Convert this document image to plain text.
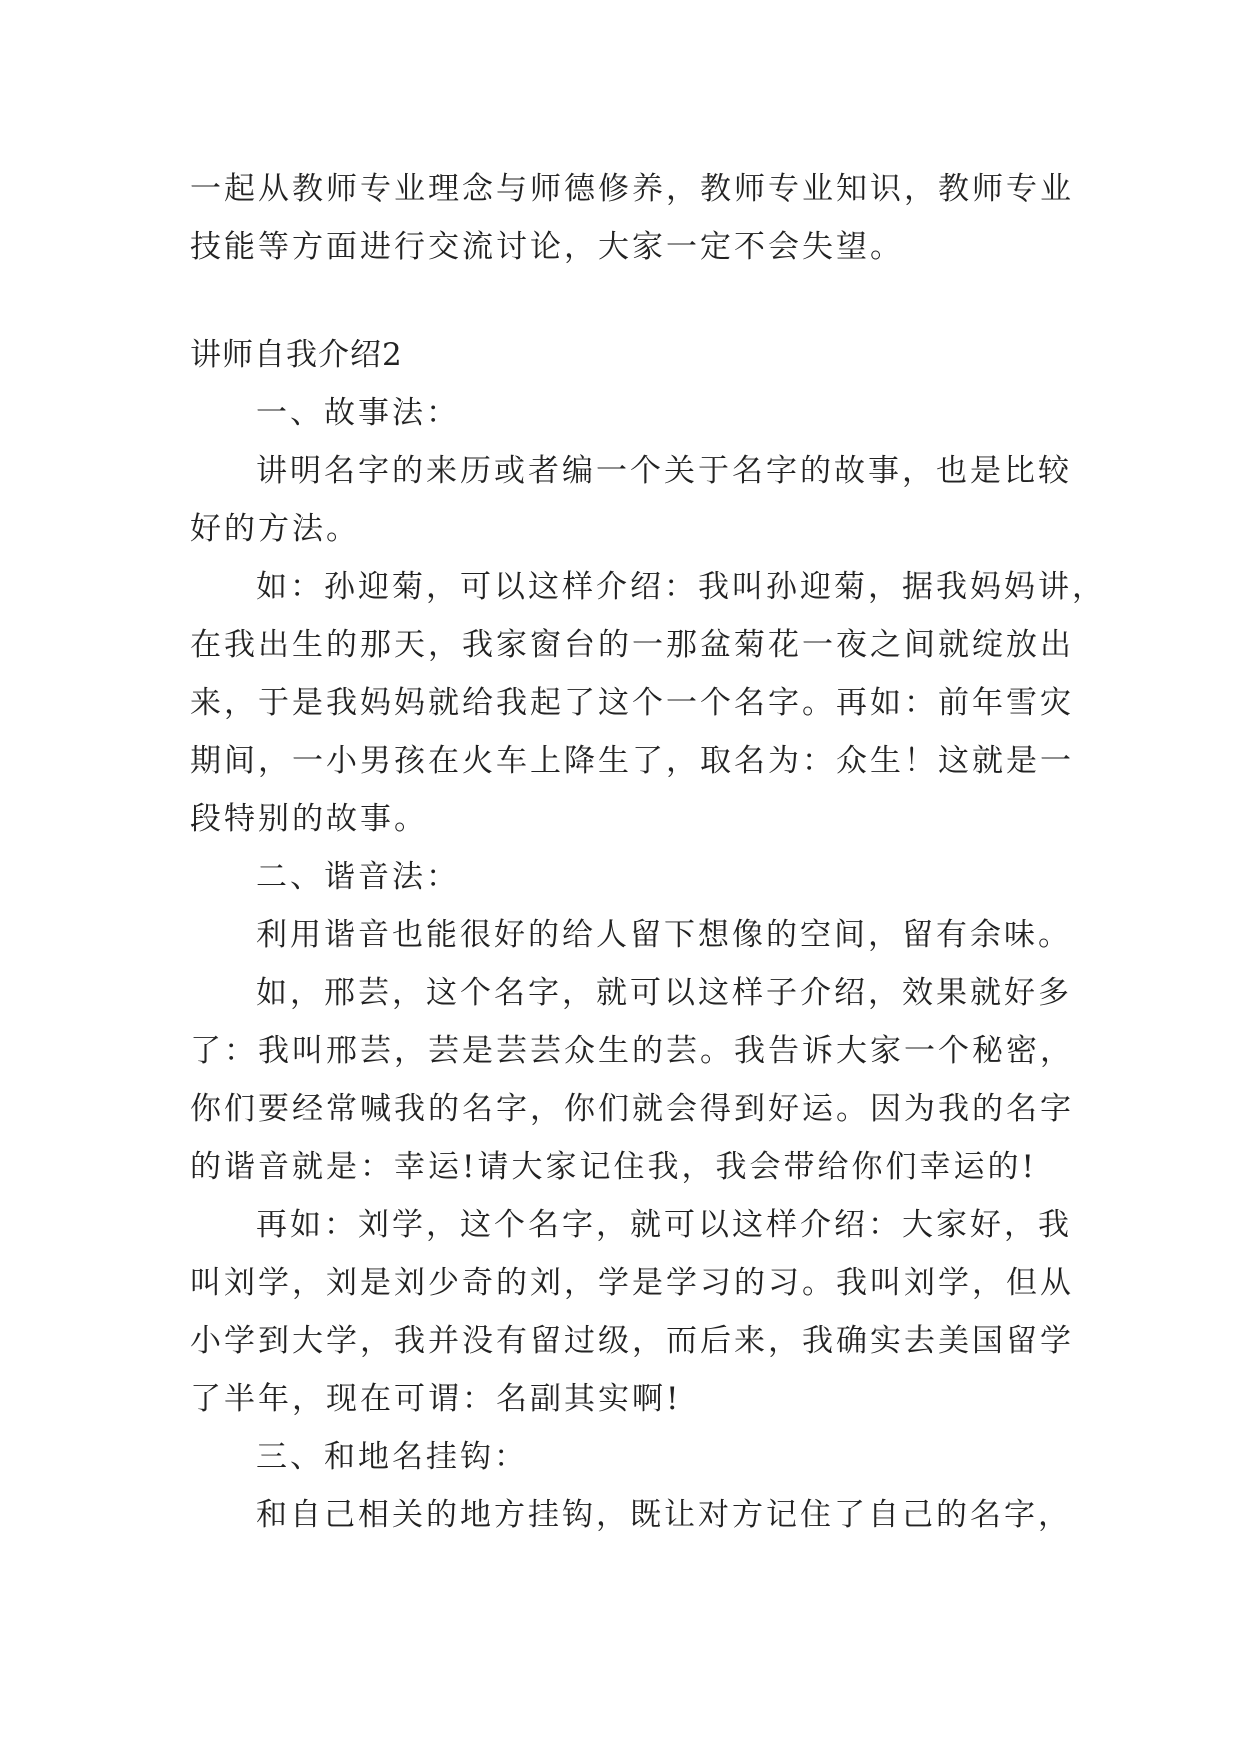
一起从教师专业理念与师德修养，教师专业知识，教师专业
技能等方面进行交流讨论，大家一定不会失望。
讲师自我介绍2
一、故事法：
讲明名字的来历或者编一个关于名字的故事，也是比较
好的方法。
如：孙迎菊，可以这样介绍：我叫孙迎菊，据我妈妈讲，
在我出生的那天，我家窗台的一那盆菊花一夜之间就绽放出
来，于是我妈妈就给我起了这个一个名字。再如：前年雪灾
期间，一小男孩在火车上降生了，取名为：众生！这就是一
段特别的故事。
二、谐音法：
利用谐音也能很好的给人留下想像的空间，留有余味。
如，邢芸，这个名字，就可以这样子介绍，效果就好多
了：我叫邢芸，芸是芸芸众生的芸。我告诉大家一个秘密，
你们要经常喊我的名字，你们就会得到好运。因为我的名字
的谐音就是：幸运!请大家记住我，我会带给你们幸运的!
再如：刘学，这个名字，就可以这样介绍：大家好，我
叫刘学，刘是刘少奇的刘，学是学习的习。我叫刘学，但从
小学到大学，我并没有留过级，而后来，我确实去美国留学
了半年，现在可谓：名副其实啊!
三、和地名挂钩：
和自己相关的地方挂钩，既让对方记住了自己的名字，
